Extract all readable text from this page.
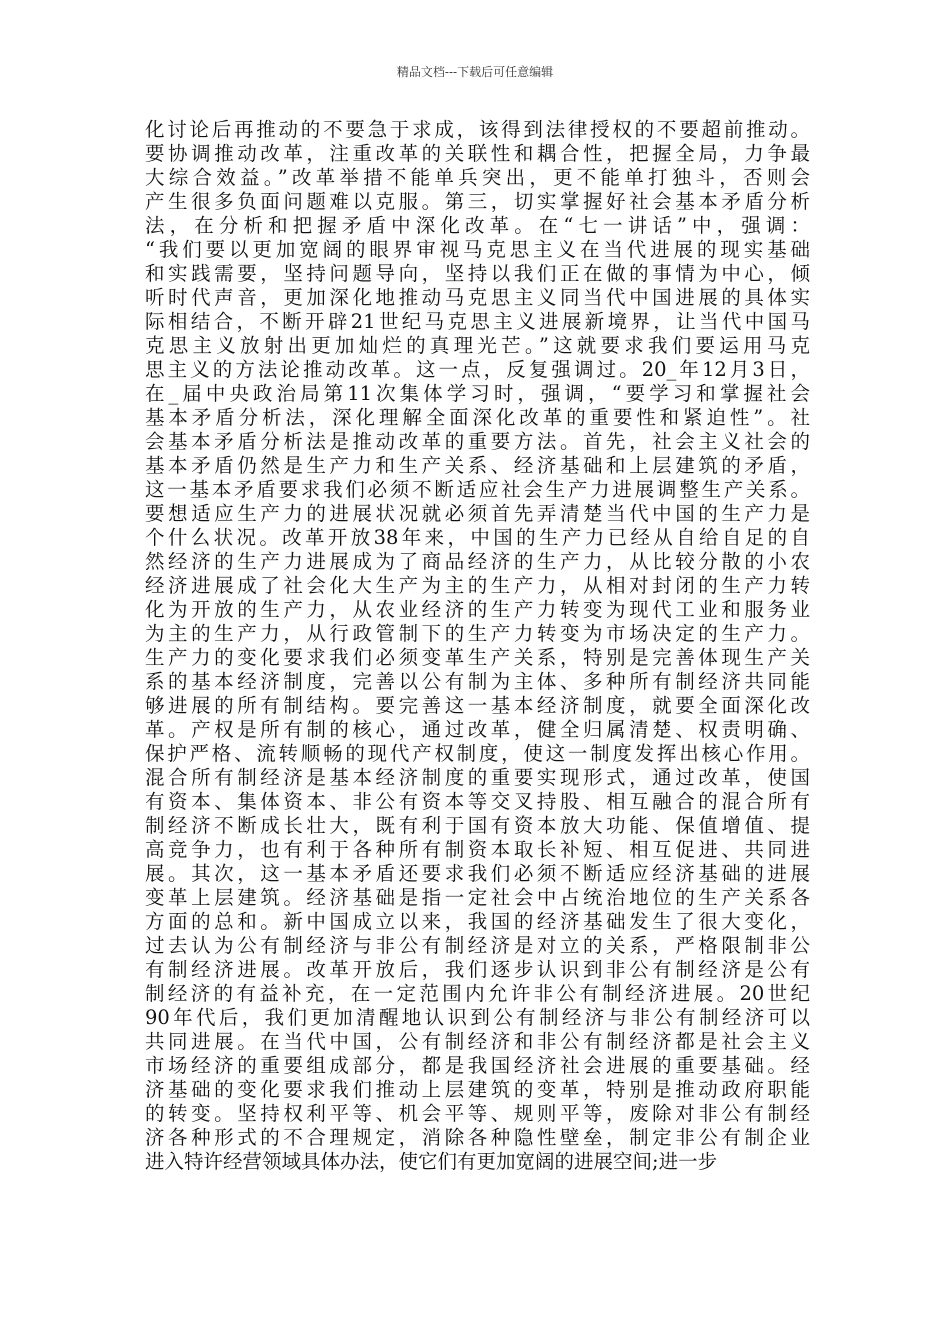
精品文档---下载后可任意编辑
化讨论后再推动的不要急于求成，该得到法律授权的不要超前推动。
要协调推动改革，注重改革的关联性和耦合性，把握全局，力争最
大综合效益。”改革举措不能单兵突出，更不能单打独斗，否则会
产生很多负面问题难以克服。第三，切实掌握好社会基本矛盾分析
法，在分析和把握矛盾中深化改革。在“七一讲话”中，强调：
“我们要以更加宽阔的眼界审视马克思主义在当代进展的现实基础
和实践需要，坚持问题导向，坚持以我们正在做的事情为中心，倾
听时代声音，更加深化地推动马克思主义同当代中国进展的具体实
际相结合，不断开辟21世纪马克思主义进展新境界，让当代中国马
克思主义放射出更加灿烂的真理光芒。”这就要求我们要运用马克
思主义的方法论推动改革。这一点，反复强调过。20_年12月3日，
在_届中央政治局第11次集体学习时，强调，“要学习和掌握社会
基本矛盾分析法，深化理解全面深化改革的重要性和紧迫性”。社
会基本矛盾分析法是推动改革的重要方法。首先，社会主义社会的
基本矛盾仍然是生产力和生产关系、经济基础和上层建筑的矛盾，
这一基本矛盾要求我们必须不断适应社会生产力进展调整生产关系。
要想适应生产力的进展状况就必须首先弄清楚当代中国的生产力是
个什么状况。改革开放38年来，中国的生产力已经从自给自足的自
然经济的生产力进展成为了商品经济的生产力，从比较分散的小农
经济进展成了社会化大生产为主的生产力，从相对封闭的生产力转
化为开放的生产力，从农业经济的生产力转变为现代工业和服务业
为主的生产力，从行政管制下的生产力转变为市场决定的生产力。
生产力的变化要求我们必须变革生产关系，特别是完善体现生产关
系的基本经济制度，完善以公有制为主体、多种所有制经济共同能
够进展的所有制结构。要完善这一基本经济制度，就要全面深化改
革。产权是所有制的核心，通过改革，健全归属清楚、权责明确、
保护严格、流转顺畅的现代产权制度，使这一制度发挥出核心作用。
混合所有制经济是基本经济制度的重要实现形式，通过改革，使国
有资本、集体资本、非公有资本等交叉持股、相互融合的混合所有
制经济不断成长壮大，既有利于国有资本放大功能、保值增值、提
高竞争力，也有利于各种所有制资本取长补短、相互促进、共同进
展。其次，这一基本矛盾还要求我们必须不断适应经济基础的进展
变革上层建筑。经济基础是指一定社会中占统治地位的生产关系各
方面的总和。新中国成立以来，我国的经济基础发生了很大变化，
过去认为公有制经济与非公有制经济是对立的关系，严格限制非公
有制经济进展。改革开放后，我们逐步认识到非公有制经济是公有
制经济的有益补充，在一定范围内允许非公有制经济进展。20世纪
90年代后，我们更加清醒地认识到公有制经济与非公有制经济可以
共同进展。在当代中国，公有制经济和非公有制经济都是社会主义
市场经济的重要组成部分，都是我国经济社会进展的重要基础。经
济基础的变化要求我们推动上层建筑的变革，特别是推动政府职能
的转变。坚持权利平等、机会平等、规则平等，废除对非公有制经
济各种形式的不合理规定，消除各种隐性壁垒，制定非公有制企业
进入特许经营领域具体办法，使它们有更加宽阔的进展空间;进一步
